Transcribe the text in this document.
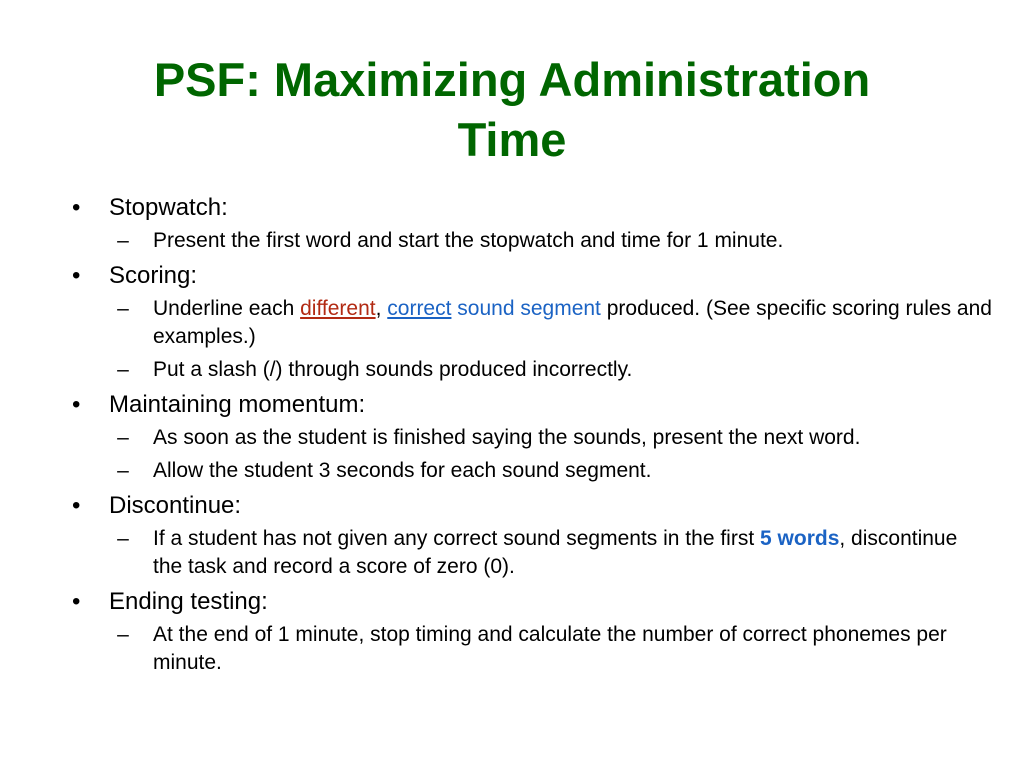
PSF: Maximizing Administration
Time
• Stopwatch:
–	Present the first word and start the stopwatch and time for 1 minute.
• Scoring:
–	Underline each different, correct sound segment produced. (See specific scoring rules and examples.)
–	Put a slash (/) through sounds produced incorrectly.
• Maintaining momentum:
–	As soon as the student is finished saying the sounds, present the next word.
–	Allow the student 3 seconds for each sound segment.
• Discontinue:
–	If a student has not given any correct sound segments in the first 5 words, discontinue the task and record a score of zero (0).
• Ending testing:
–	At the end of 1 minute, stop timing and calculate the number of correct phonemes per minute.
